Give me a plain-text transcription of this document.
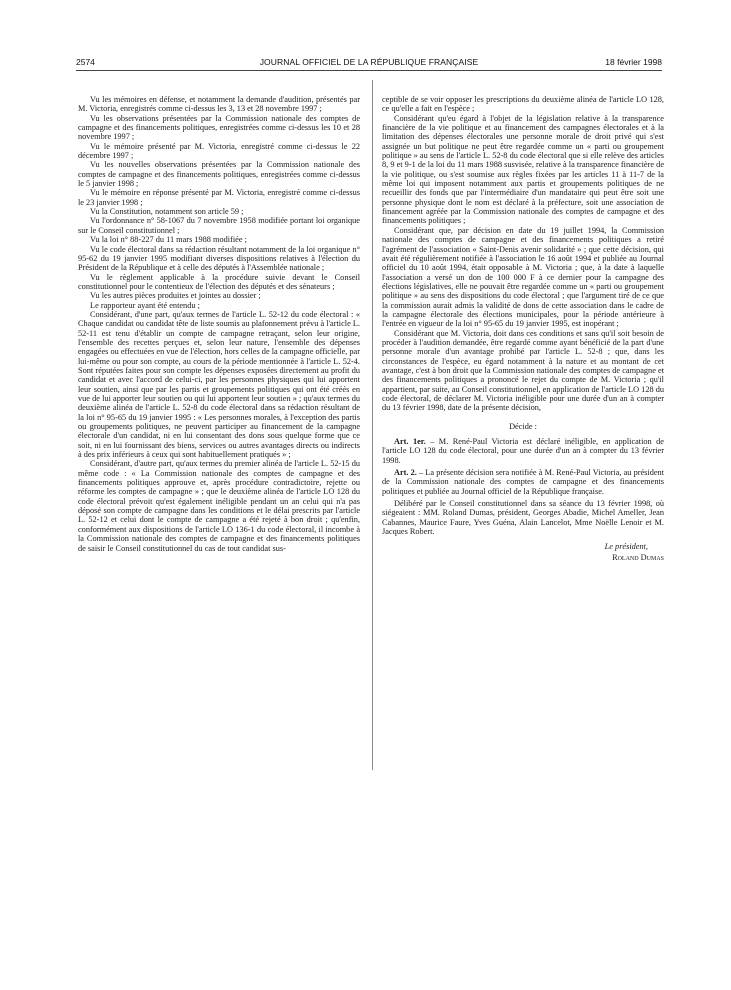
2574	JOURNAL OFFICIEL DE LA RÉPUBLIQUE FRANÇAISE	18 février 1998

Vu les mémoires en défense, et notamment la demande d'audition, présentés par M. Victoria, enregistrés comme ci-dessus les 3, 13 et 28 novembre 1997 ;

Vu les observations présentées par la Commission nationale des comptes de campagne et des financements politiques, enregistrées comme ci-dessus les 10 et 28 novembre 1997 ;

Vu le mémoire présenté par M. Victoria, enregistré comme ci-dessus le 22 décembre 1997 ;

Vu les nouvelles observations présentées par la Commission nationale des comptes de campagne et des financements politiques, enregistrées comme ci-dessus le 5 janvier 1998 ;

Vu le mémoire en réponse présenté par M. Victoria, enregistré comme ci-dessus le 23 janvier 1998 ;

Vu la Constitution, notamment son article 59 ;

Vu l'ordonnance n° 58-1067 du 7 novembre 1958 modifiée portant loi organique sur le Conseil constitutionnel ;

Vu la loi n° 88-227 du 11 mars 1988 modifiée ;

Vu le code électoral dans sa rédaction résultant notamment de la loi organique n° 95-62 du 19 janvier 1995 modifiant diverses dispositions relatives à l'élection du Président de la République et à celle des députés à l'Assemblée nationale ;

Vu le règlement applicable à la procédure suivie devant le Conseil constitutionnel pour le contentieux de l'élection des députés et des sénateurs ;

Vu les autres pièces produites et jointes au dossier ;

Le rapporteur ayant été entendu ;

Considérant, d'une part, qu'aux termes de l'article L. 52-12 du code électoral : « Chaque candidat ou candidat tête de liste soumis au plafonnement prévu à l'article L. 52-11 est tenu d'établir un compte de campagne retraçant, selon leur origine, l'ensemble des recettes perçues et, selon leur nature, l'ensemble des dépenses engagées ou effectuées en vue de l'élection, hors celles de la campagne officielle, par lui-même ou pour son compte, au cours de la période mentionnée à l'article L. 52-4. Sont réputées faites pour son compte les dépenses exposées directement au profit du candidat et avec l'accord de celui-ci, par les personnes physiques qui lui apportent leur soutien, ainsi que par les partis et groupements politiques qui ont été créés en vue de lui apporter leur soutien ou qui lui apportent leur soutien » ; qu'aux termes du deuxième alinéa de l'article L. 52-8 du code électoral dans sa rédaction résultant de la loi n° 95-65 du 19 janvier 1995 : « Les personnes morales, à l'exception des partis ou groupements politiques, ne peuvent participer au financement de la campagne électorale d'un candidat, ni en lui consentant des dons sous quelque forme que ce soit, ni en lui fournissant des biens, services ou autres avantages directs ou indirects à des prix inférieurs à ceux qui sont habituellement pratiqués » ;

Considérant, d'autre part, qu'aux termes du premier alinéa de l'article L. 52-15 du même code : « La Commission nationale des comptes de campagne et des financements politiques approuve et, après procédure contradictoire, rejette ou réforme les comptes de campagne » ; que le deuxième alinéa de l'article LO 128 du code électoral prévoit qu'est également inéligible pendant un an celui qui n'a pas déposé son compte de campagne dans les conditions et le délai prescrits par l'article L. 52-12 et celui dont le compte de campagne a été rejeté à bon droit ; qu'enfin, conformément aux dispositions de l'article LO 136-1 du code électoral, il incombe à la Commission nationale des comptes de campagne et des financements politiques de saisir le Conseil constitutionnel du cas de tout candidat sus-

ceptible de se voir opposer les prescriptions du deuxième alinéa de l'article LO 128, ce qu'elle a fait en l'espèce ;

Considérant qu'eu égard à l'objet de la législation relative à la transparence financière de la vie politique et au financement des campagnes électorales et à la limitation des dépenses électorales une personne morale de droit privé qui s'est assignée un but politique ne peut être regardée comme un « parti ou groupement politique » au sens de l'article L. 52-8 du code électoral que si elle relève des articles 8, 9 et 9-1 de la loi du 11 mars 1988 susvisée, relative à la transparence financière de la vie politique, ou s'est soumise aux règles fixées par les articles 11 à 11-7 de la même loi qui imposent notamment aux partis et groupements politiques de ne recueillir des fonds que par l'intermédiaire d'un mandataire qui peut être soit une personne physique dont le nom est déclaré à la préfecture, soit une association de financement agréée par la Commission nationale des comptes de campagne et des financements politiques ;

Considérant que, par décision en date du 19 juillet 1994, la Commission nationale des comptes de campagne et des financements politiques a retiré l'agrément de l'association « Saint-Denis avenir solidarité » ; que cette décision, qui avait été régulièrement notifiée à l'association le 16 août 1994 et publiée au Journal officiel du 10 août 1994, était opposable à M. Victoria ; que, à la date à laquelle l'association a versé un don de 100 000 F à ce dernier pour la campagne des élections législatives, elle ne pouvait être regardée comme un « parti ou groupement politique » au sens des dispositions du code électoral ; que l'argument tiré de ce que la commission aurait admis la validité de dons de cette association dans le cadre de la campagne électorale des élections municipales, pour la période antérieure à l'entrée en vigueur de la loi n° 95-65 du 19 janvier 1995, est inopérant ;

Considérant que M. Victoria, doit dans ces conditions et sans qu'il soit besoin de procéder à l'audition demandée, être regardé comme ayant bénéficié de la part d'une personne morale d'un avantage prohibé par l'article L. 52-8 ; que, dans les circonstances de l'espèce, eu égard notamment à la nature et au montant de cet avantage, c'est à bon droit que la Commission nationale des comptes de campagne et des financements politiques a prononcé le rejet du compte de M. Victoria ; qu'il appartient, par suite, au Conseil constitutionnel, en application de l'article LO 128 du code électoral, de déclarer M. Victoria inéligible pour une durée d'un an à compter du 13 février 1998, date de la présente décision,

Décide :

Art. 1er. – M. René-Paul Victoria est déclaré inéligible, en application de l'article LO 128 du code électoral, pour une durée d'un an à compter du 13 février 1998.

Art. 2. – La présente décision sera notifiée à M. René-Paul Victoria, au président de la Commission nationale des comptes de campagne et des financements politiques et publiée au Journal officiel de la République française.

Délibéré par le Conseil constitutionnel dans sa séance du 13 février 1998, où siégeaient : MM. Roland Dumas, président, Georges Abadie, Michel Ameller, Jean Cabannes, Maurice Faure, Yves Guéna, Alain Lancelot, Mme Noëlle Lenoir et M. Jacques Robert.

Le président,

Roland Dumas
